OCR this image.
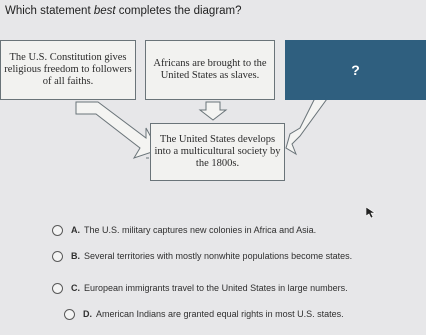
Which statement best completes the diagram?
The U.S. Constitution gives religious freedom to followers of all faiths.
Africans are brought to the United States as slaves.	?
The United States develops into a multicultural society by the 1800s.
A. The U.S. military captures new colonies in Africa and Asia.
B. Several territories with mostly nonwhite populations become states.
C. European immigrants travel to the United States in large numbers.
D. American Indians are granted equal rights in most U.S. states.
